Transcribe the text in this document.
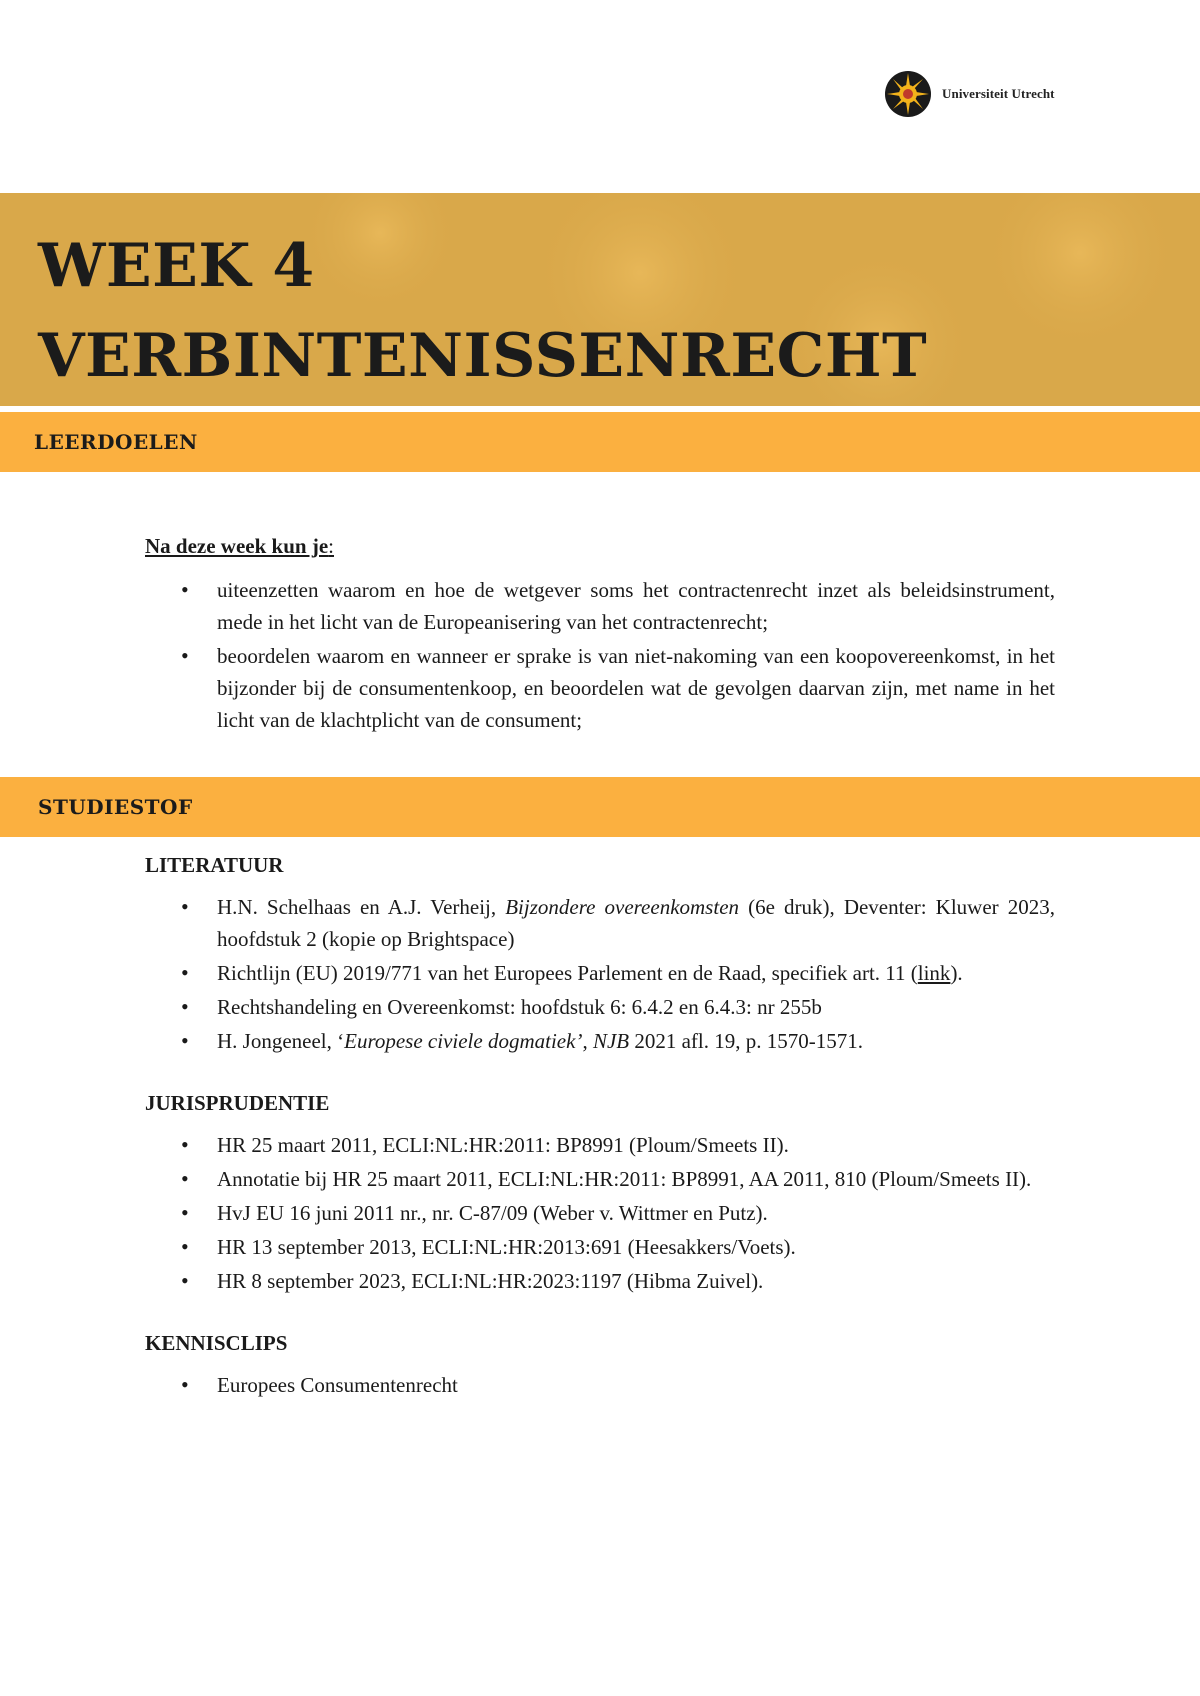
Universiteit Utrecht
WEEK 4
VERBINTENISSENRECHT
LEERDOELEN

Na deze week kun je:

• uiteenzetten waarom en hoe de wetgever soms het contractenrecht inzet als beleidsinstrument, mede in het licht van de Europeanisering van het contractenrecht;
• beoordelen waarom en wanneer er sprake is van niet-nakoming van een koopovereenkomst, in het bijzonder bij de consumentenkoop, en beoordelen wat de gevolgen daarvan zijn, met name in het licht van de klachtplicht van de consument;
STUDIESTOF

LITERATUUR

• H.N. Schelhaas en A.J. Verheij, Bijzondere overeenkomsten (6e druk), Deventer: Kluwer 2023, hoofdstuk 2 (kopie op Brightspace)
• Richtlijn (EU) 2019/771 van het Europees Parlement en de Raad, specifiek art. 11 (link).
• Rechtshandeling en Overeenkomst: hoofdstuk 6: 6.4.2 en 6.4.3: nr 255b
• H. Jongeneel, ‘Europese civiele dogmatiek’, NJB 2021 afl. 19, p. 1570-1571.

JURISPRUDENTIE

• HR 25 maart 2011, ECLI:NL:HR:2011: BP8991 (Ploum/Smeets II).
• Annotatie bij HR 25 maart 2011, ECLI:NL:HR:2011: BP8991, AA 2011, 810 (Ploum/Smeets II).
• HvJ EU 16 juni 2011 nr., nr. C-87/09 (Weber v. Wittmer en Putz).
• HR 13 september 2013, ECLI:NL:HR:2013:691 (Heesakkers/Voets).
• HR 8 september 2023, ECLI:NL:HR:2023:1197 (Hibma Zuivel).

KENNISCLIPS

• Europees Consumentenrecht
